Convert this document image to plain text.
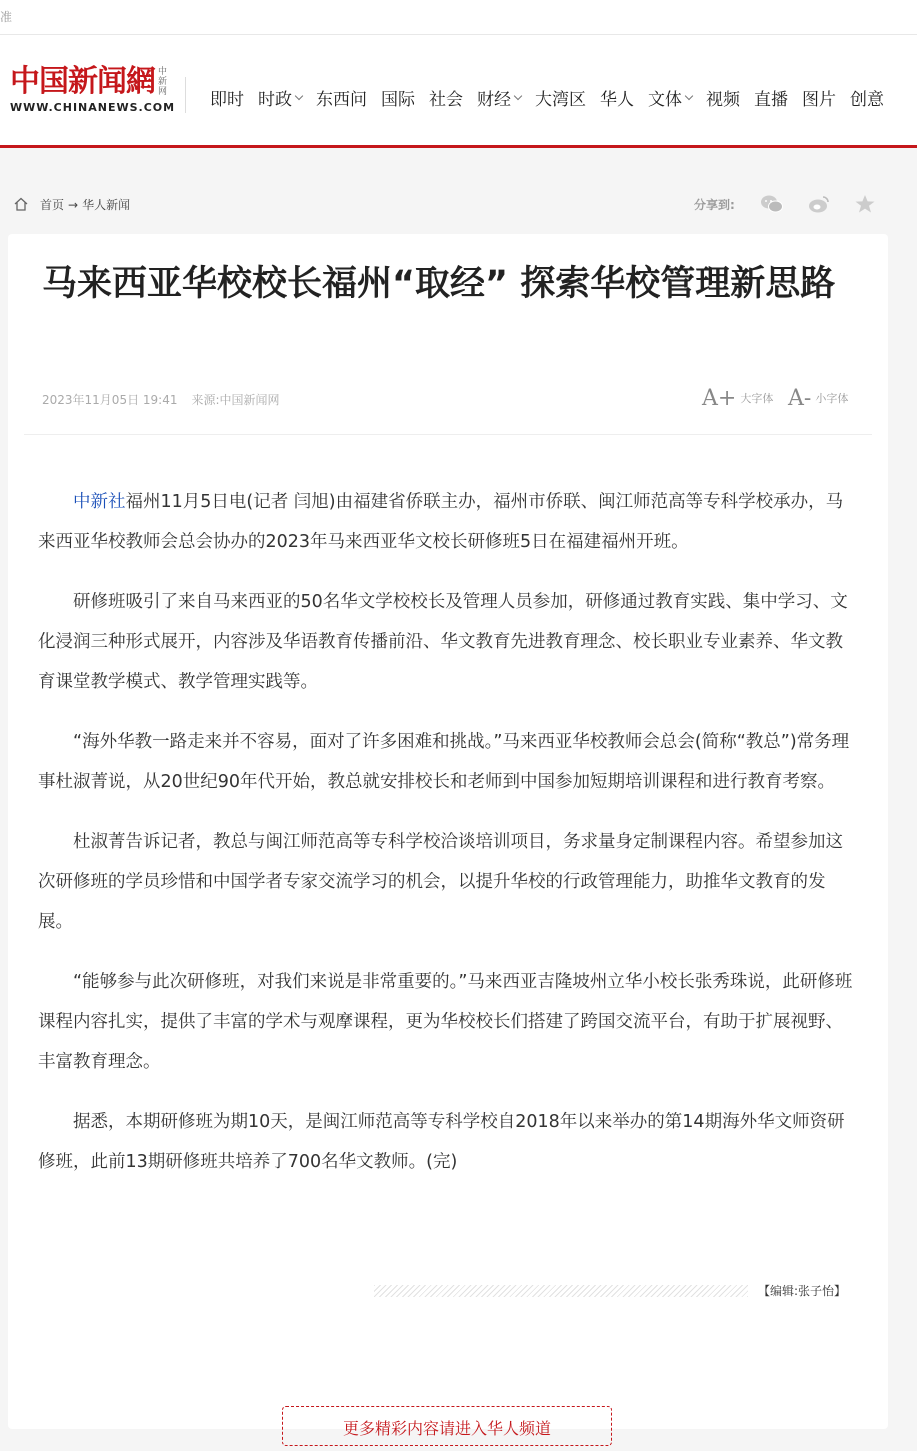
准
中国新闻網 中新网
WWW.CHINANEWS.COM 即时 时政 东西问 国际 社会 财经 大湾区 华人 文体 视频 直播 图片 创意
首页 → 华人新闻	分享到:
马来西亚华校校长福州“取经” 探索华校管理新思路
2023年11月05日 19:41 来源:中国新闻网	A+ 大字体 A- 小字体

中新社福州11月5日电(记者 闫旭)由福建省侨联主办，福州市侨联、闽江师范高等专科学校承办，马来西亚华校教师会总会协办的2023年马来西亚华文校长研修班5日在福建福州开班。

研修班吸引了来自马来西亚的50名华文学校校长及管理人员参加，研修通过教育实践、集中学习、文化浸润三种形式展开，内容涉及华语教育传播前沿、华文教育先进教育理念、校长职业专业素养、华文教育课堂教学模式、教学管理实践等。

“海外华教一路走来并不容易，面对了许多困难和挑战。”马来西亚华校教师会总会(简称“教总”)常务理事杜淑菁说，从20世纪90年代开始，教总就安排校长和老师到中国参加短期培训课程和进行教育考察。

杜淑菁告诉记者，教总与闽江师范高等专科学校洽谈培训项目，务求量身定制课程内容。希望参加这次研修班的学员珍惜和中国学者专家交流学习的机会，以提升华校的行政管理能力，助推华文教育的发展。

“能够参与此次研修班，对我们来说是非常重要的。”马来西亚吉隆坡州立华小校长张秀珠说，此研修班课程内容扎实，提供了丰富的学术与观摩课程，更为华校校长们搭建了跨国交流平台，有助于扩展视野、丰富教育理念。

据悉，本期研修班为期10天，是闽江师范高等专科学校自2018年以来举办的第14期海外华文师资研修班，此前13期研修班共培养了700名华文教师。(完)

【编辑:张子怡】
更多精彩内容请进入华人频道
